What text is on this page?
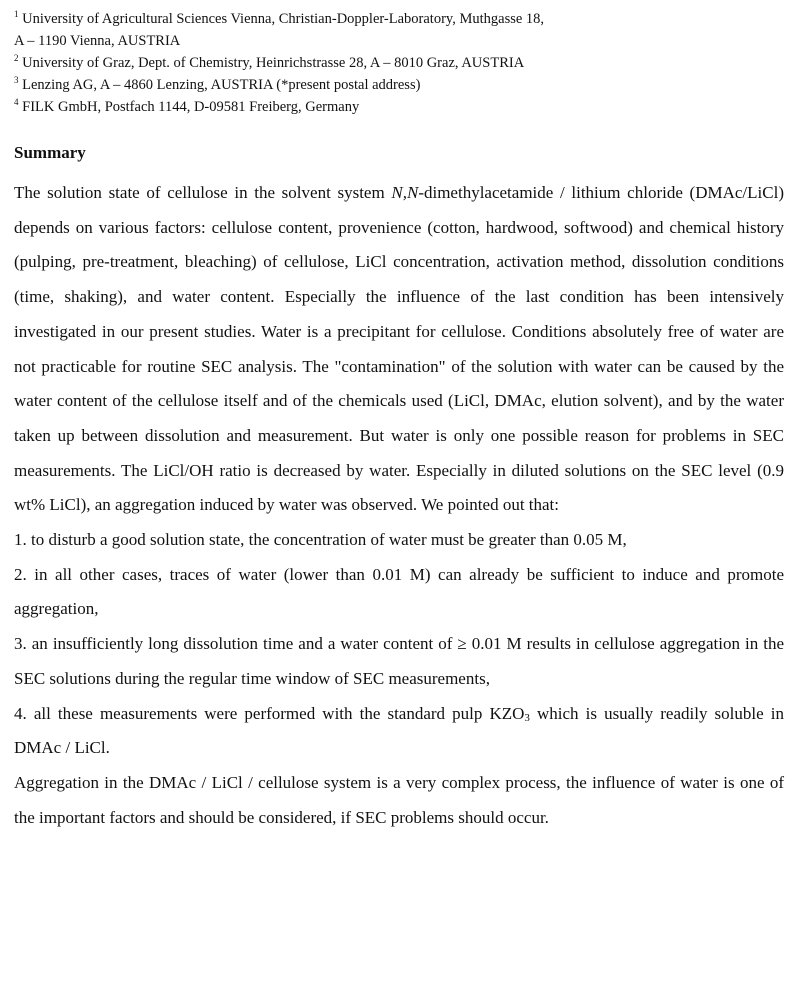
$^1$ University of Agricultural Sciences Vienna, Christian-Doppler-Laboratory, Muthgasse 18,

A – 1190 Vienna, AUSTRIA

$^2$ University of Graz, Dept. of Chemistry, Heinrichstrasse 28, A – 8010 Graz, AUSTRIA

$^3$ Lenzing AG, A – 4860 Lenzing, AUSTRIA (*present postal address)

$^4$ FILK GmbH, Postfach 1144, D-09581 Freiberg, Germany

Summary

The solution state of cellulose in the solvent system N,N-dimethylacetamide / lithium chloride (DMAc/LiCl) depends on various factors: cellulose content, provenience (cotton, hardwood, softwood) and chemical history (pulping, pre-treatment, bleaching) of cellulose, LiCl concentration, activation method, dissolution conditions (time, shaking), and water content. Especially the influence of the last condition has been intensively investigated in our present studies. Water is a precipitant for cellulose. Conditions absolutely free of water are not practicable for routine SEC analysis. The "contamination" of the solution with water can be caused by the water content of the cellulose itself and of the chemicals used (LiCl, DMAc, elution solvent), and by the water taken up between dissolution and measurement. But water is only one possible reason for problems in SEC measurements. The LiCl/OH ratio is decreased by water. Especially in diluted solutions on the SEC level (0.9 wt% LiCl), an aggregation induced by water was observed. We pointed out that:

1. to disturb a good solution state, the concentration of water must be greater than 0.05 M,

2. in all other cases, traces of water (lower than 0.01 M) can already be sufficient to induce and promote aggregation,

3. an insufficiently long dissolution time and a water content of ≥ 0.01 M results in cellulose aggregation in the SEC solutions during the regular time window of SEC measurements,

4. all these measurements were performed with the standard pulp $KZO_3$ which is usually readily soluble in DMAc / LiCl.

Aggregation in the DMAc / LiCl / cellulose system is a very complex process, the influence of water is one of the important factors and should be considered, if SEC problems should occur.
